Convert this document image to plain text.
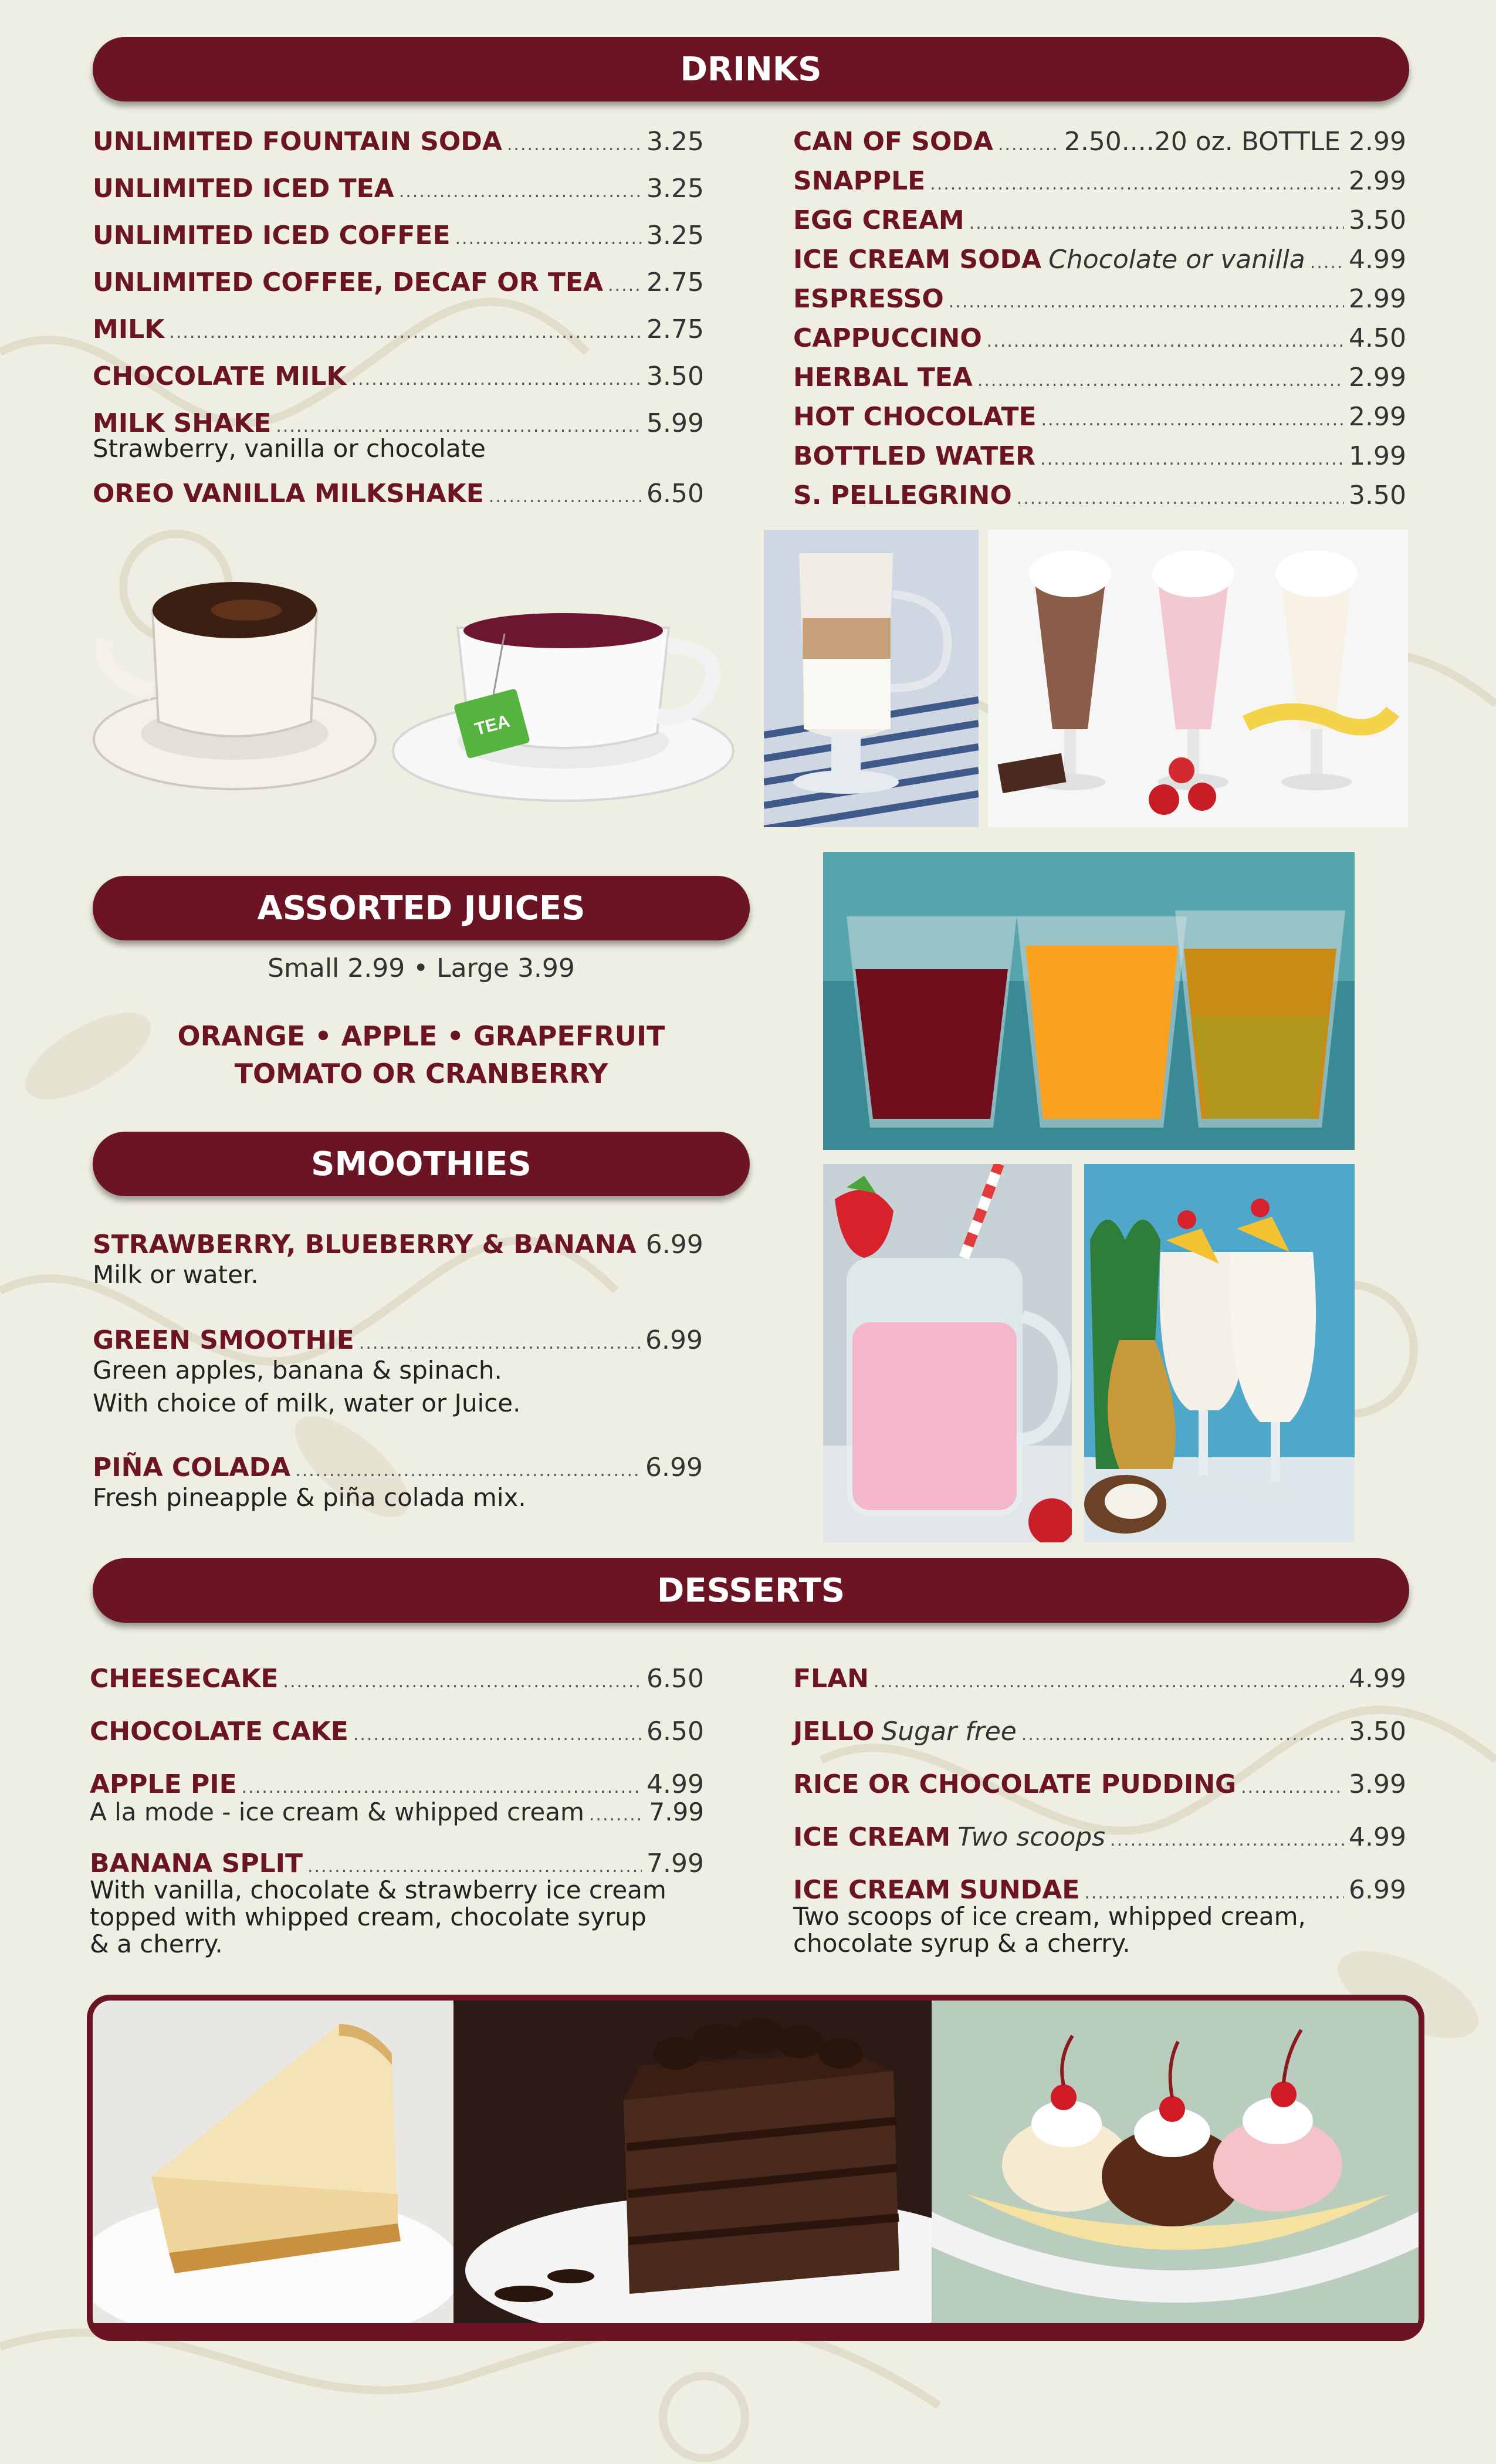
DRINKS
UNLIMITED FOUNTAIN SODA .....	3.25
UNLIMITED ICED TEA .....	3.25
UNLIMITED ICED COFFEE .....	3.25
UNLIMITED COFFEE, DECAF OR TEA ..... 2.75
MILK .....	2.75
CHOCOLATE MILK .....	3.50
MILK SHAKE .....	5.99
Strawberry, vanilla or chocolate
OREO VANILLA MILKSHAKE .....	6.50
CAN OF SODA .....	2.50....20 oz. BOTTLE 2.99
SNAPPLE .....	2.99
EGG CREAM .....	3.50
ICE CREAM SODA Chocolate or vanilla ..... 4.99
ESPRESSO .....	2.99
CAPPUCCINO .....	4.50
HERBAL TEA .....	2.99
HOT CHOCOLATE .....	2.99
BOTTLED WATER .....	1.99
S. PELLEGRINO .....	3.50
TEA
ASSORTED JUICES
Small 2.99 • Large 3.99
ORANGE • APPLE • GRAPEFRUIT
TOMATO OR CRANBERRY
SMOOTHIES
STRAWBERRY, BLUEBERRY & BANANA 6.99
Milk or water.
GREEN SMOOTHIE .....	6.99
Green apples, banana & spinach.
With choice of milk, water or Juice.
PIÑA COLADA .....	6.99
Fresh pineapple & piña colada mix.
DESSERTS
CHEESECAKE .....	6.50
CHOCOLATE CAKE .....	6.50
APPLE PIE .....	4.99
A la mode - ice cream & whipped cream .....	7.99
BANANA SPLIT .....	7.99
With vanilla, chocolate & strawberry ice cream
topped with whipped cream, chocolate syrup
& a cherry.
FLAN .....	4.99
JELLO Sugar free .....	3.50
RICE OR CHOCOLATE PUDDING .....	3.99
ICE CREAM Two scoops .....	4.99
ICE CREAM SUNDAE .....	6.99
Two scoops of ice cream, whipped cream,
chocolate syrup & a cherry.
